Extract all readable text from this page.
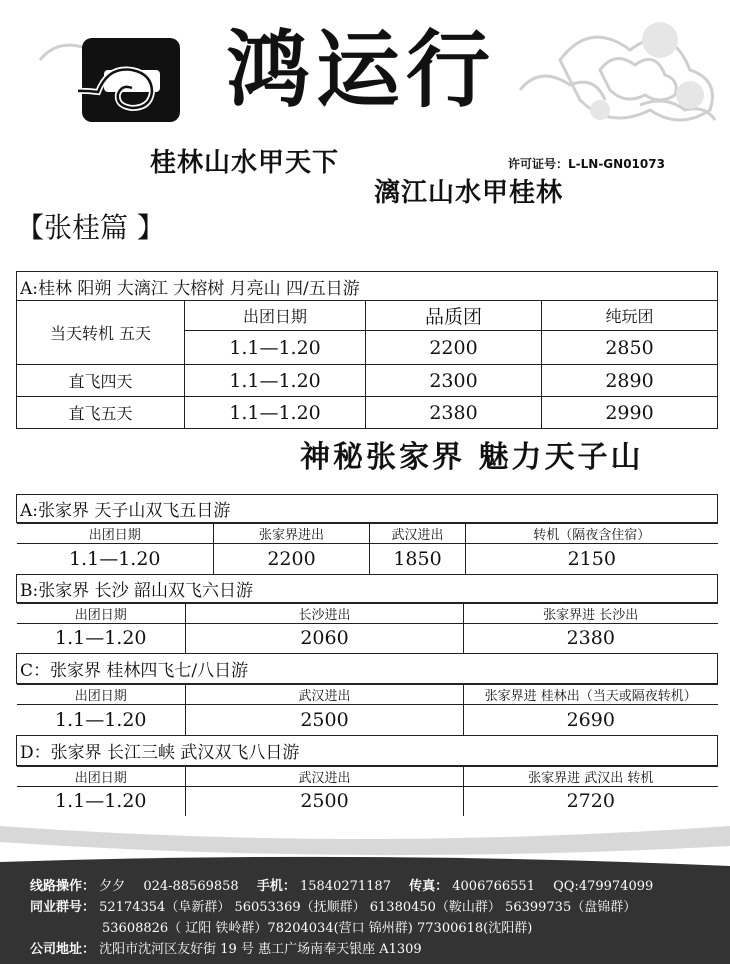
鸿运行
桂林山水甲天下
漓江山水甲桂林
许可证号：L-LN-GN01073
【张桂篇 】
A:桂林 阳朔 大漓江 大榕树 月亮山 四/五日游			
当天转机 五天	出团日期	品质团	纯玩团
	1.1—1.20	2200	2850
直飞四天	1.1—1.20	2300	2890
直飞五天	1.1—1.20	2380	2990
神秘张家界 魅力天子山
A:张家界 天子山双飞五日游

出团日期	张家界进出	武汉进出	转机（隔夜含住宿）
1.1—1.20	2200	1850	2150

B:张家界 长沙 韶山双飞六日游

出团日期	长沙进出	张家界进 长沙出
1.1—1.20	2060	2380

C：张家界 桂林四飞七/八日游

出团日期	武汉进出	张家界进 桂林出（当天或隔夜转机）
1.1—1.20	2500	2690

D：张家界 长江三峡 武汉双飞八日游

出团日期	武汉进出	张家界进 武汉出 转机
1.1—1.20	2500	2720
线路操作： 夕夕 024-88569858 手机： 15840271187 传真： 4006766551 QQ:479974099
同业群号： 52174354（阜新群） 56053369（抚顺群） 61380450（鞍山群） 56399735（盘锦群）
53608826（ 辽阳 铁岭群）78204034(营口 锦州群) 77300618(沈阳群)
公司地址： 沈阳市沈河区友好街 19 号 惠工广场南奉天银座 A1309
